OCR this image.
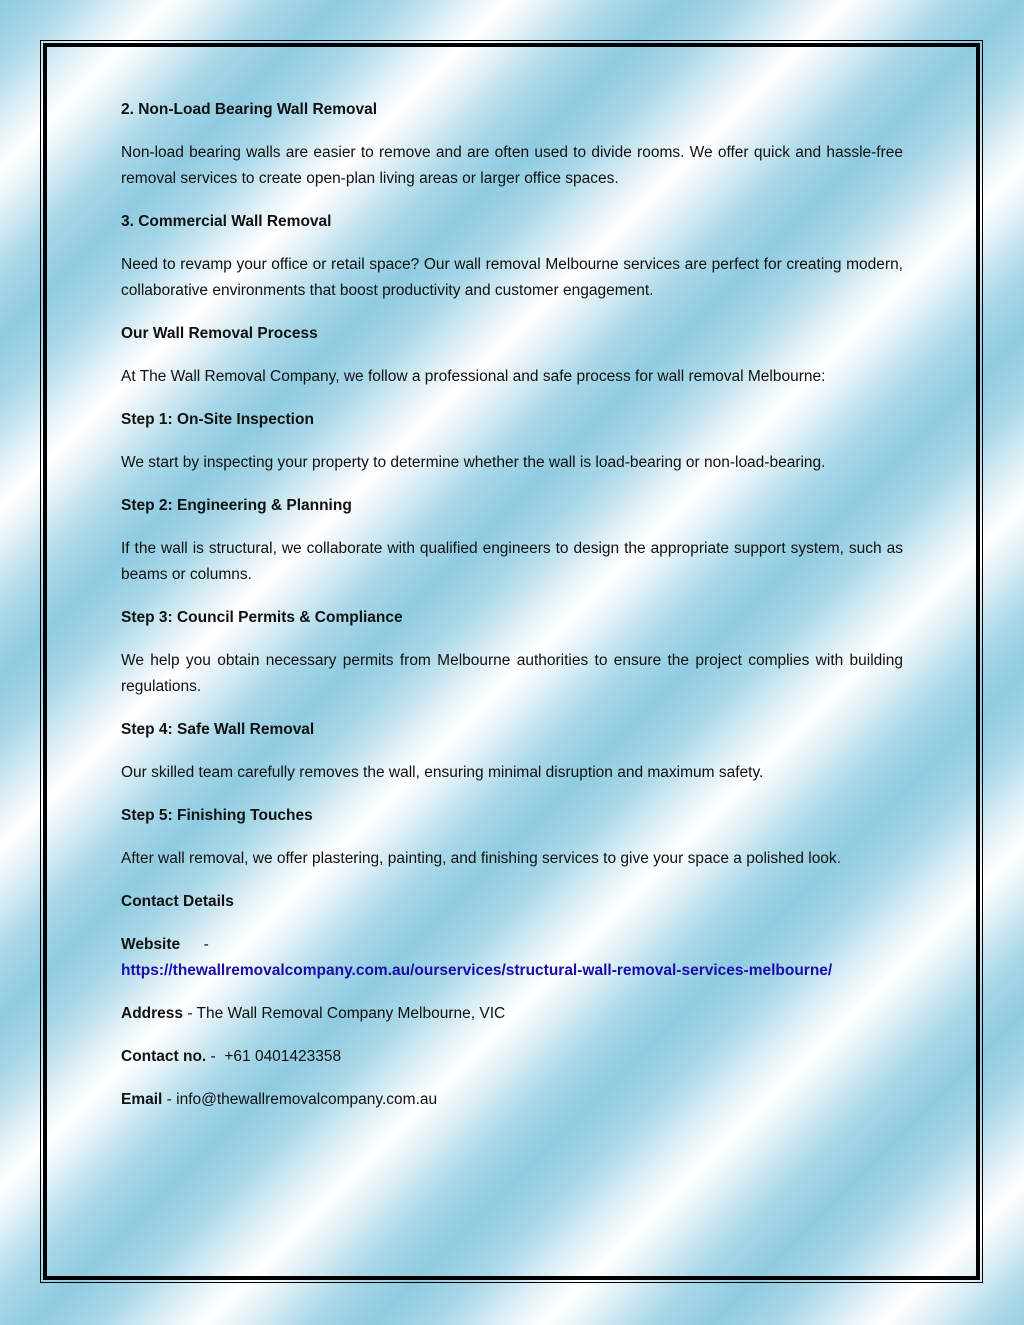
2. Non-Load Bearing Wall Removal
Non-load bearing walls are easier to remove and are often used to divide rooms. We offer quick and hassle-free removal services to create open-plan living areas or larger office spaces.
3. Commercial Wall Removal
Need to revamp your office or retail space? Our wall removal Melbourne services are perfect for creating modern, collaborative environments that boost productivity and customer engagement.
Our Wall Removal Process
At The Wall Removal Company, we follow a professional and safe process for wall removal Melbourne:
Step 1: On-Site Inspection
We start by inspecting your property to determine whether the wall is load-bearing or non-load-bearing.
Step 2: Engineering & Planning
If the wall is structural, we collaborate with qualified engineers to design the appropriate support system, such as beams or columns.
Step 3: Council Permits & Compliance
We help you obtain necessary permits from Melbourne authorities to ensure the project complies with building regulations.
Step 4: Safe Wall Removal
Our skilled team carefully removes the wall, ensuring minimal disruption and maximum safety.
Step 5: Finishing Touches
After wall removal, we offer plastering, painting, and finishing services to give your space a polished look.
Contact Details
Website	-
https://thewallremovalcompany.com.au/ourservices/structural-wall-removal-services-melbourne/
Address - The Wall Removal Company Melbourne, VIC
Contact no. -  +61 0401423358
Email - info@thewallremovalcompany.com.au
